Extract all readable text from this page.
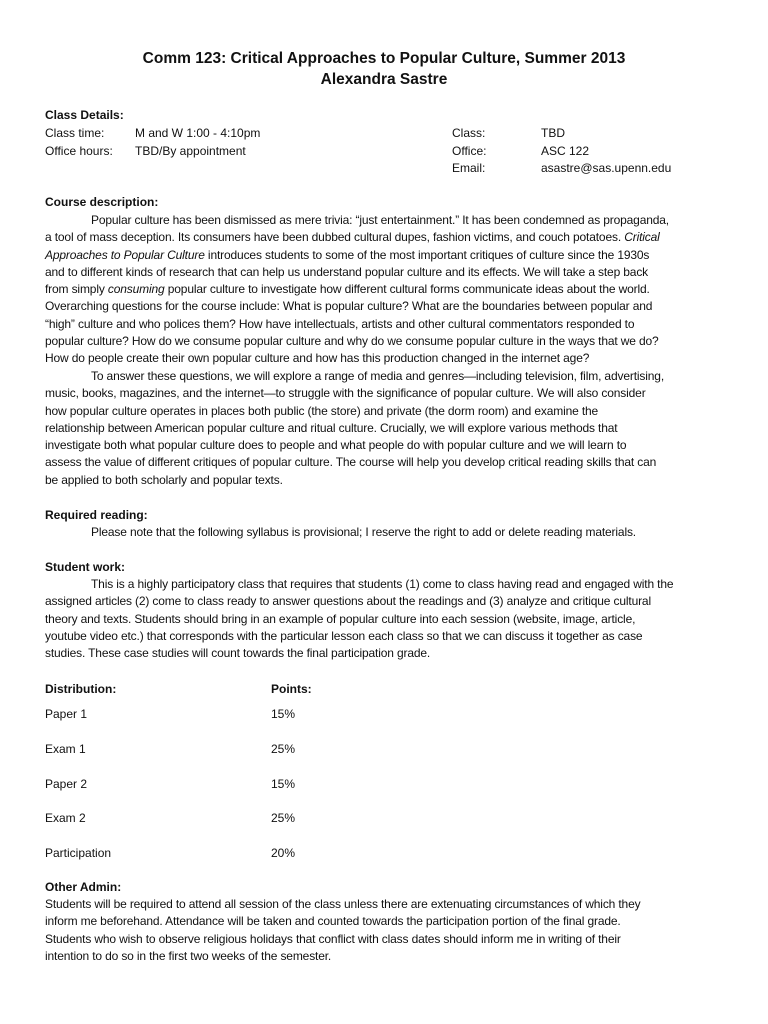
Comm 123: Critical Approaches to Popular Culture, Summer 2013
Alexandra Sastre
Class Details:
Class time:	M and W 1:00 - 4:10pm
Office hours: TBD/By appointment
Class:	TBD
Office:	ASC 122
Email:	asastre@sas.upenn.edu
Course description:
Popular culture has been dismissed as mere trivia: “just entertainment.” It has been condemned as propaganda,
a tool of mass deception. Its consumers have been dubbed cultural dupes, fashion victims, and couch potatoes. Critical
Approaches to Popular Culture introduces students to some of the most important critiques of culture since the 1930s
and to different kinds of research that can help us understand popular culture and its effects. We will take a step back
from simply consuming popular culture to investigate how different cultural forms communicate ideas about the world.
Overarching questions for the course include: What is popular culture? What are the boundaries between popular and
“high” culture and who polices them? How have intellectuals, artists and other cultural commentators responded to
popular culture? How do we consume popular culture and why do we consume popular culture in the ways that we do?
How do people create their own popular culture and how has this production changed in the internet age?
To answer these questions, we will explore a range of media and genres—including television, film, advertising,
music, books, magazines, and the internet—to struggle with the significance of popular culture. We will also consider
how popular culture operates in places both public (the store) and private (the dorm room) and examine the
relationship between American popular culture and ritual culture. Crucially, we will explore various methods that
investigate both what popular culture does to people and what people do with popular culture and we will learn to
assess the value of different critiques of popular culture. The course will help you develop critical reading skills that can
be applied to both scholarly and popular texts.
Required reading:
Please note that the following syllabus is provisional; I reserve the right to add or delete reading materials.
Student work:
This is a highly participatory class that requires that students (1) come to class having read and engaged with the
assigned articles (2) come to class ready to answer questions about the readings and (3) analyze and critique cultural
theory and texts. Students should bring in an example of popular culture into each session (website, image, article,
youtube video etc.) that corresponds with the particular lesson each class so that we can discuss it together as case
studies. These case studies will count towards the final participation grade.
Distribution:	Points:
Paper 1	15%
Exam 1	25%
Paper 2	15%
Exam 2	25%
Participation	20%
Other Admin:
Students will be required to attend all session of the class unless there are extenuating circumstances of which they
inform me beforehand. Attendance will be taken and counted towards the participation portion of the final grade.
Students who wish to observe religious holidays that conflict with class dates should inform me in writing of their
intention to do so in the first two weeks of the semester.
